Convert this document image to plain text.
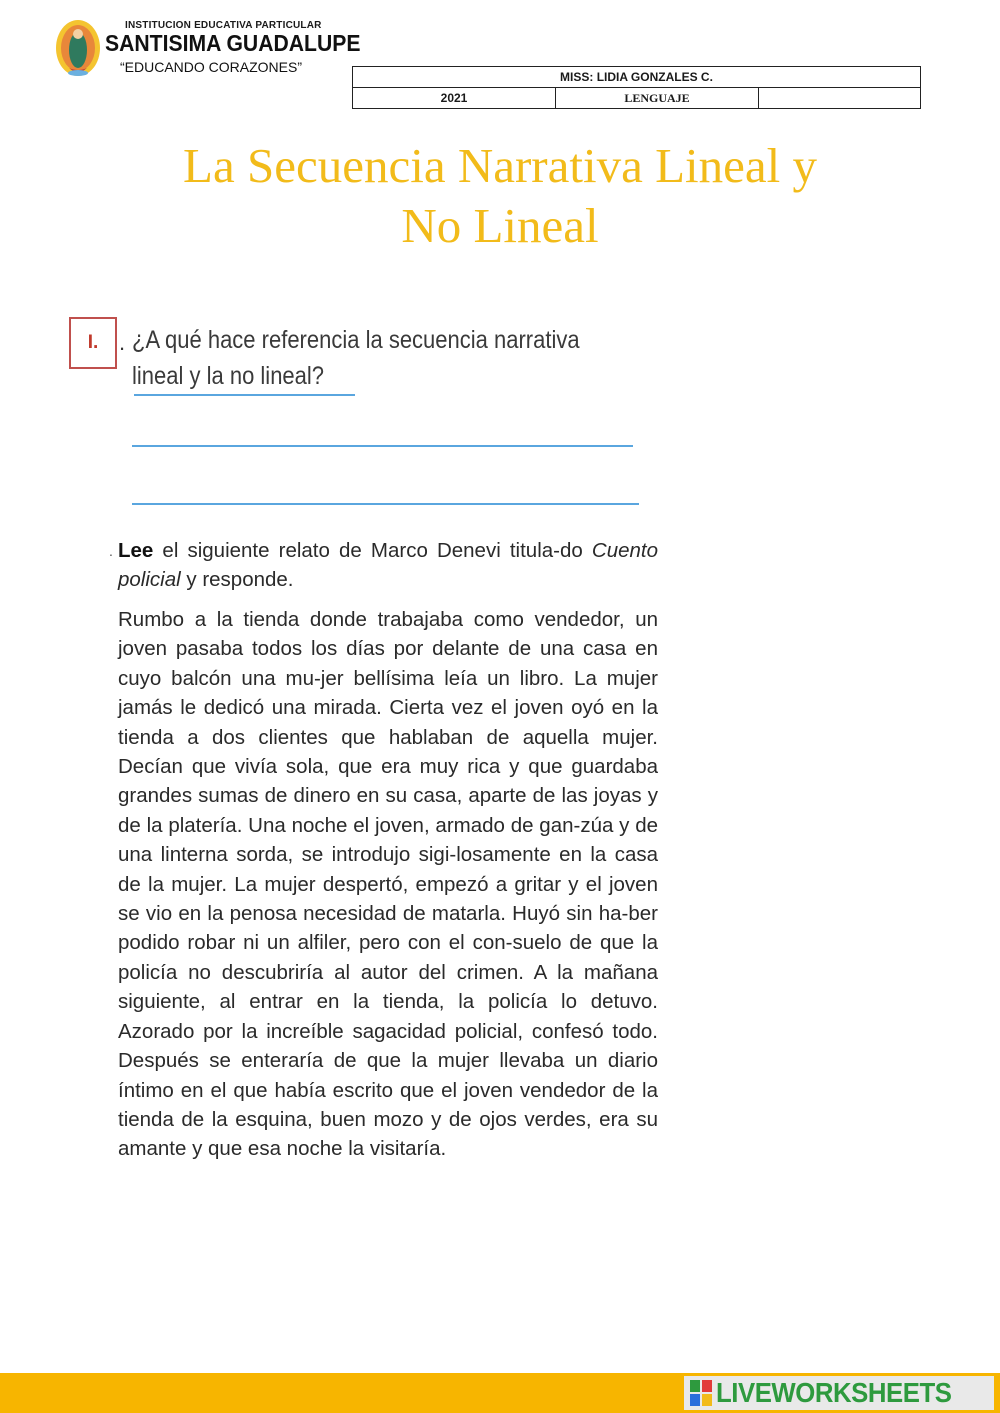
INSTITUCION EDUCATIVA PARTICULAR
SANTISIMA GUADALUPE
“EDUCANDO CORAZONES”
MISS: LIDIA GONZALES C.
2021	LENGUAJE	
La Secuencia Narrativa Lineal y
No Lineal
I. . ¿A qué hace referencia la secuencia narrativa lineal y la no lineal?
. Lee el siguiente relato de Marco Denevi titula-do Cuento policial y responde.
Rumbo a la tienda donde trabajaba como vendedor, un joven pasaba todos los días por delante de una casa en cuyo balcón una mu-jer bellísima leía un libro. La mujer jamás le dedicó una mirada. Cierta vez el joven oyó en la tienda a dos clientes que hablaban de aquella mujer. Decían que vivía sola, que era muy rica y que guardaba grandes sumas de dinero en su casa, aparte de las joyas y de la platería. Una noche el joven, armado de gan-zúa y de una linterna sorda, se introdujo sigi-losamente en la casa de la mujer. La mujer despertó, empezó a gritar y el joven se vio en la penosa necesidad de matarla. Huyó sin ha-ber podido robar ni un alfiler, pero con el con-suelo de que la policía no descubriría al autor del crimen. A la mañana siguiente, al entrar en la tienda, la policía lo detuvo. Azorado por la increíble sagacidad policial, confesó todo. Después se enteraría de que la mujer llevaba un diario íntimo en el que había escrito que el joven vendedor de la tienda de la esquina, buen mozo y de ojos verdes, era su amante y que esa noche la visitaría.
LIVEWORKSHEETS
